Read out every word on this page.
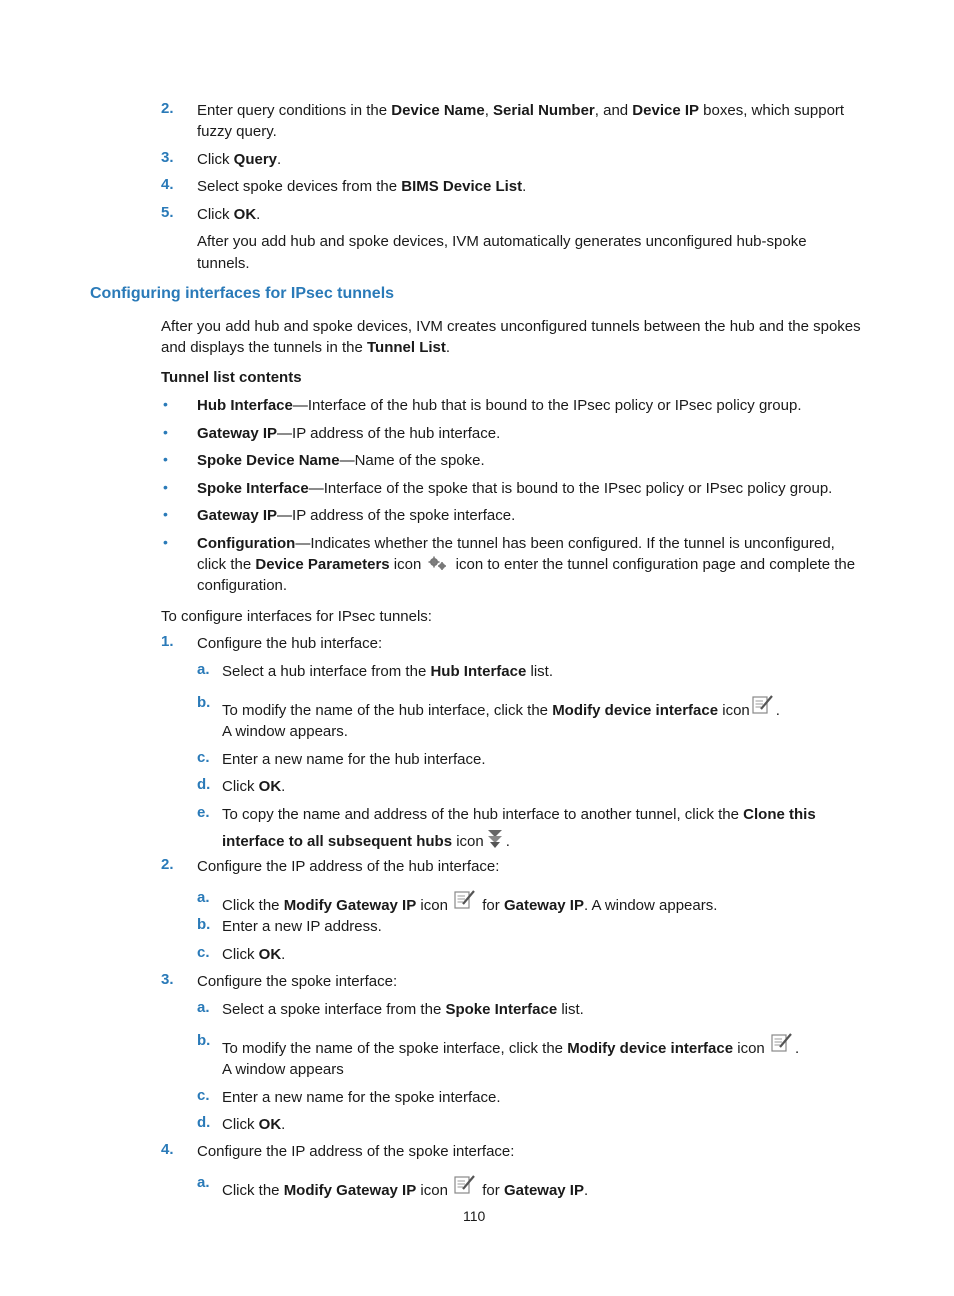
2. Enter query conditions in the Device Name, Serial Number, and Device IP boxes, which support
fuzzy query.
3. Click Query.
4. Select spoke devices from the BIMS Device List.
5. Click OK.
After you add hub and spoke devices, IVM automatically generates unconfigured hub-spoke
tunnels.
Configuring interfaces for IPsec tunnels
After you add hub and spoke devices, IVM creates unconfigured tunnels between the hub and the spokes
and displays the tunnels in the Tunnel List.
Tunnel list contents
• Hub Interface—Interface of the hub that is bound to the IPsec policy or IPsec policy group.
• Gateway IP—IP address of the hub interface.
• Spoke Device Name—Name of the spoke.
• Spoke Interface—Interface of the spoke that is bound to the IPsec policy or IPsec policy group.
• Gateway IP—IP address of the spoke interface.
• Configuration—Indicates whether the tunnel has been configured. If the tunnel is unconfigured,
click the Device Parameters icon  icon to enter the tunnel configuration page and complete the
configuration.
To configure interfaces for IPsec tunnels:
1. Configure the hub interface:
a. Select a hub interface from the Hub Interface list.
b. To modify the name of the hub interface, click the Modify device interface icon .
A window appears.
c. Enter a new name for the hub interface.
d. Click OK.
e. To copy the name and address of the hub interface to another tunnel, click the Clone this
interface to all subsequent hubs icon .
2. Configure the IP address of the hub interface:
a. Click the Modify Gateway IP icon  for Gateway IP. A window appears.
b. Enter a new IP address.
c. Click OK.
3. Configure the spoke interface:
a. Select a spoke interface from the Spoke Interface list.
b. To modify the name of the spoke interface, click the Modify device interface icon .
A window appears
c. Enter a new name for the spoke interface.
d. Click OK.
4. Configure the IP address of the spoke interface:
a. Click the Modify Gateway IP icon  for Gateway IP.
110
